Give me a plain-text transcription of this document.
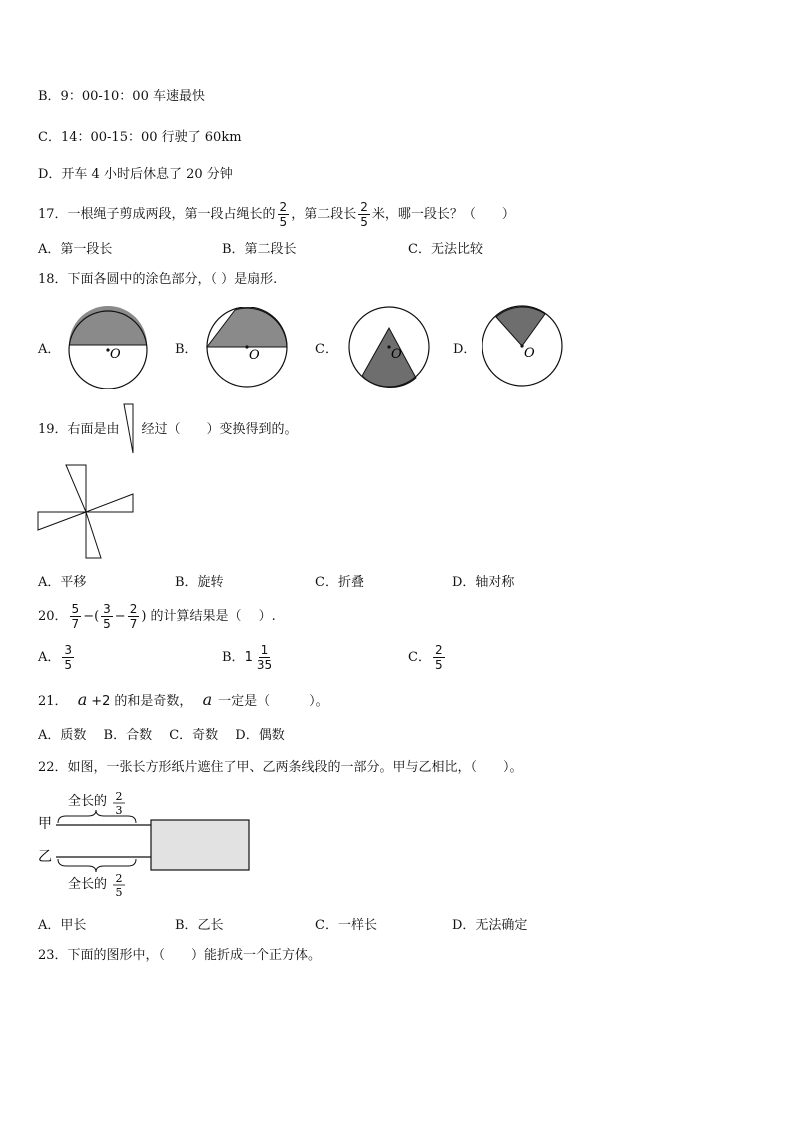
B．9：00-10：00 车速最快
C．14：00-15：00 行驶了 60km
D．开车 4 小时后休息了 20 分钟
17．一根绳子剪成两段，第一段占绳长的 $\frac{2}{5}$ ，第二段长 $\frac{2}{5}$ 米，哪一段长？（　　）
A．第一段长	B．第二段长	C．无法比较
18．下面各圆中的涂色部分，（ ）是扇形.
A．	B．	C．	D．
O	O	O	O
19．右面是由 经过（　　）变换得到的。
A．平移	B．旋转	C．折叠	D．轴对称
20． $\frac{5}{7}$ −( $\frac{3}{5} - \frac{2}{7}$ ) 的计算结果是（　 ）.
A． $\frac{3}{5}$	B．$1 \frac{1}{35}$	C． $\frac{2}{5}$
21． a +2 的和是奇数， a 一定是（　　　）。
A．质数　 B．合数　 C．奇数　 D．偶数
22．如图，一张长方形纸片遮住了甲、乙两条线段的一部分。甲与乙相比，（　　）。
甲
全长的 2
3
乙
全长的 2
5
A．甲长	B．乙长	C．一样长	D．无法确定
23．下面的图形中，（　　）能折成一个正方体。
